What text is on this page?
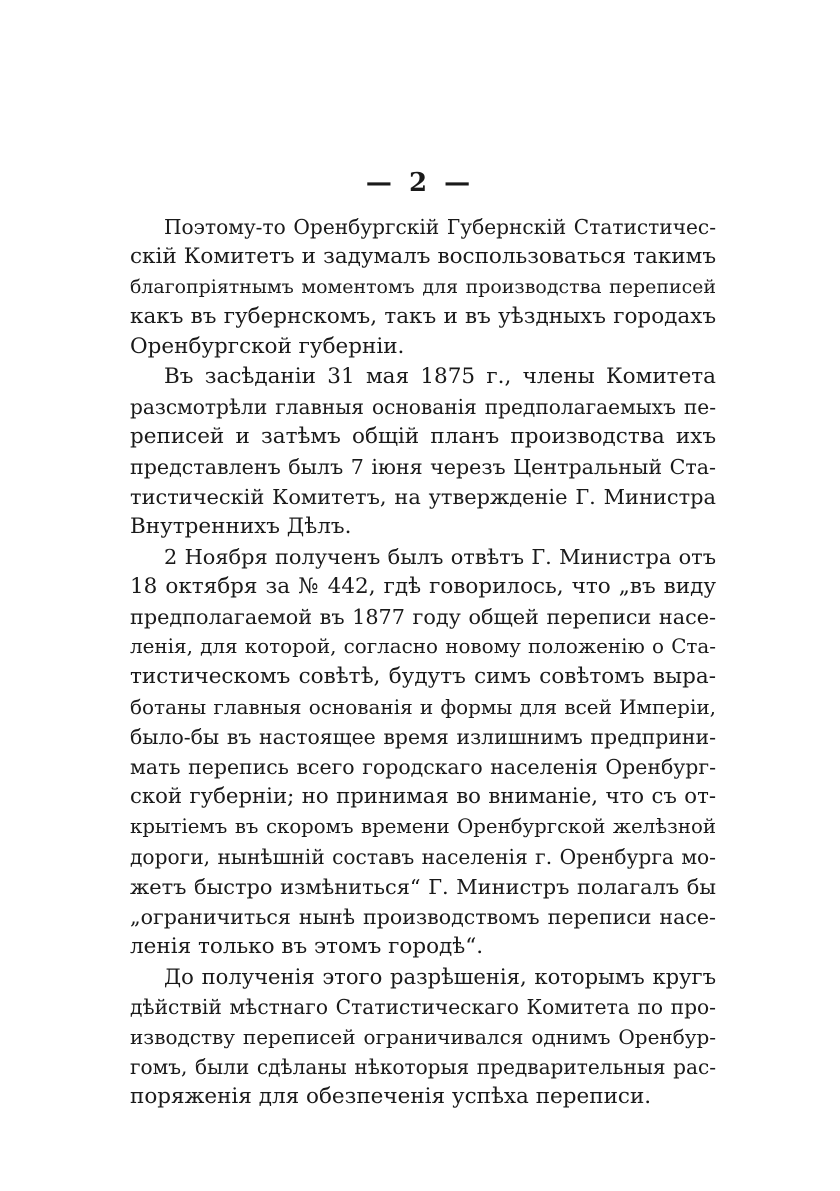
— 2 —
Поэтому-то Оренбургскій Губернскій Статистичес-
скій Комитетъ и задумалъ воспользоваться такимъ
благопріятнымъ моментомъ для производства переписей
какъ въ губернскомъ, такъ и въ уѣздныхъ городахъ
Оренбургской губерніи.
Въ засѣданіи 31 мая 1875 г., члены Комитета
разсмотрѣли главныя основанія предполагаемыхъ пе-
реписей и затѣмъ общій планъ производства ихъ
представленъ былъ 7 іюня черезъ Центральный Ста-
тистическій Комитетъ, на утвержденіе Г. Министра
Внутреннихъ Дѣлъ.
2 Ноября полученъ былъ отвѣтъ Г. Министра отъ
18 октября за № 442, гдѣ говорилось, что „въ виду
предполагаемой въ 1877 году общей переписи насе-
ленія, для которой, согласно новому положенію о Ста-
тистическомъ совѣтѣ, будутъ симъ совѣтомъ выра-
ботаны главныя основанія и формы для всей Имперіи,
было-бы въ настоящее время излишнимъ предприни-
мать перепись всего городскаго населенія Оренбург-
ской губерніи; но принимая во вниманіе, что съ от-
крытіемъ въ скоромъ времени Оренбургской желѣзной
дороги, нынѣшній составъ населенія г. Оренбурга мо-
жетъ быстро измѣниться“ Г. Министръ полагалъ бы
„ограничиться нынѣ производствомъ переписи насе-
ленія только въ этомъ городѣ“.
До полученія этого разрѣшенія, которымъ кругъ
дѣйствій мѣстнаго Статистическаго Комитета по про-
изводству переписей ограничивался однимъ Оренбур-
гомъ, были сдѣланы нѣкоторыя предварительныя рас-
поряженія для обезпеченія успѣха переписи.
